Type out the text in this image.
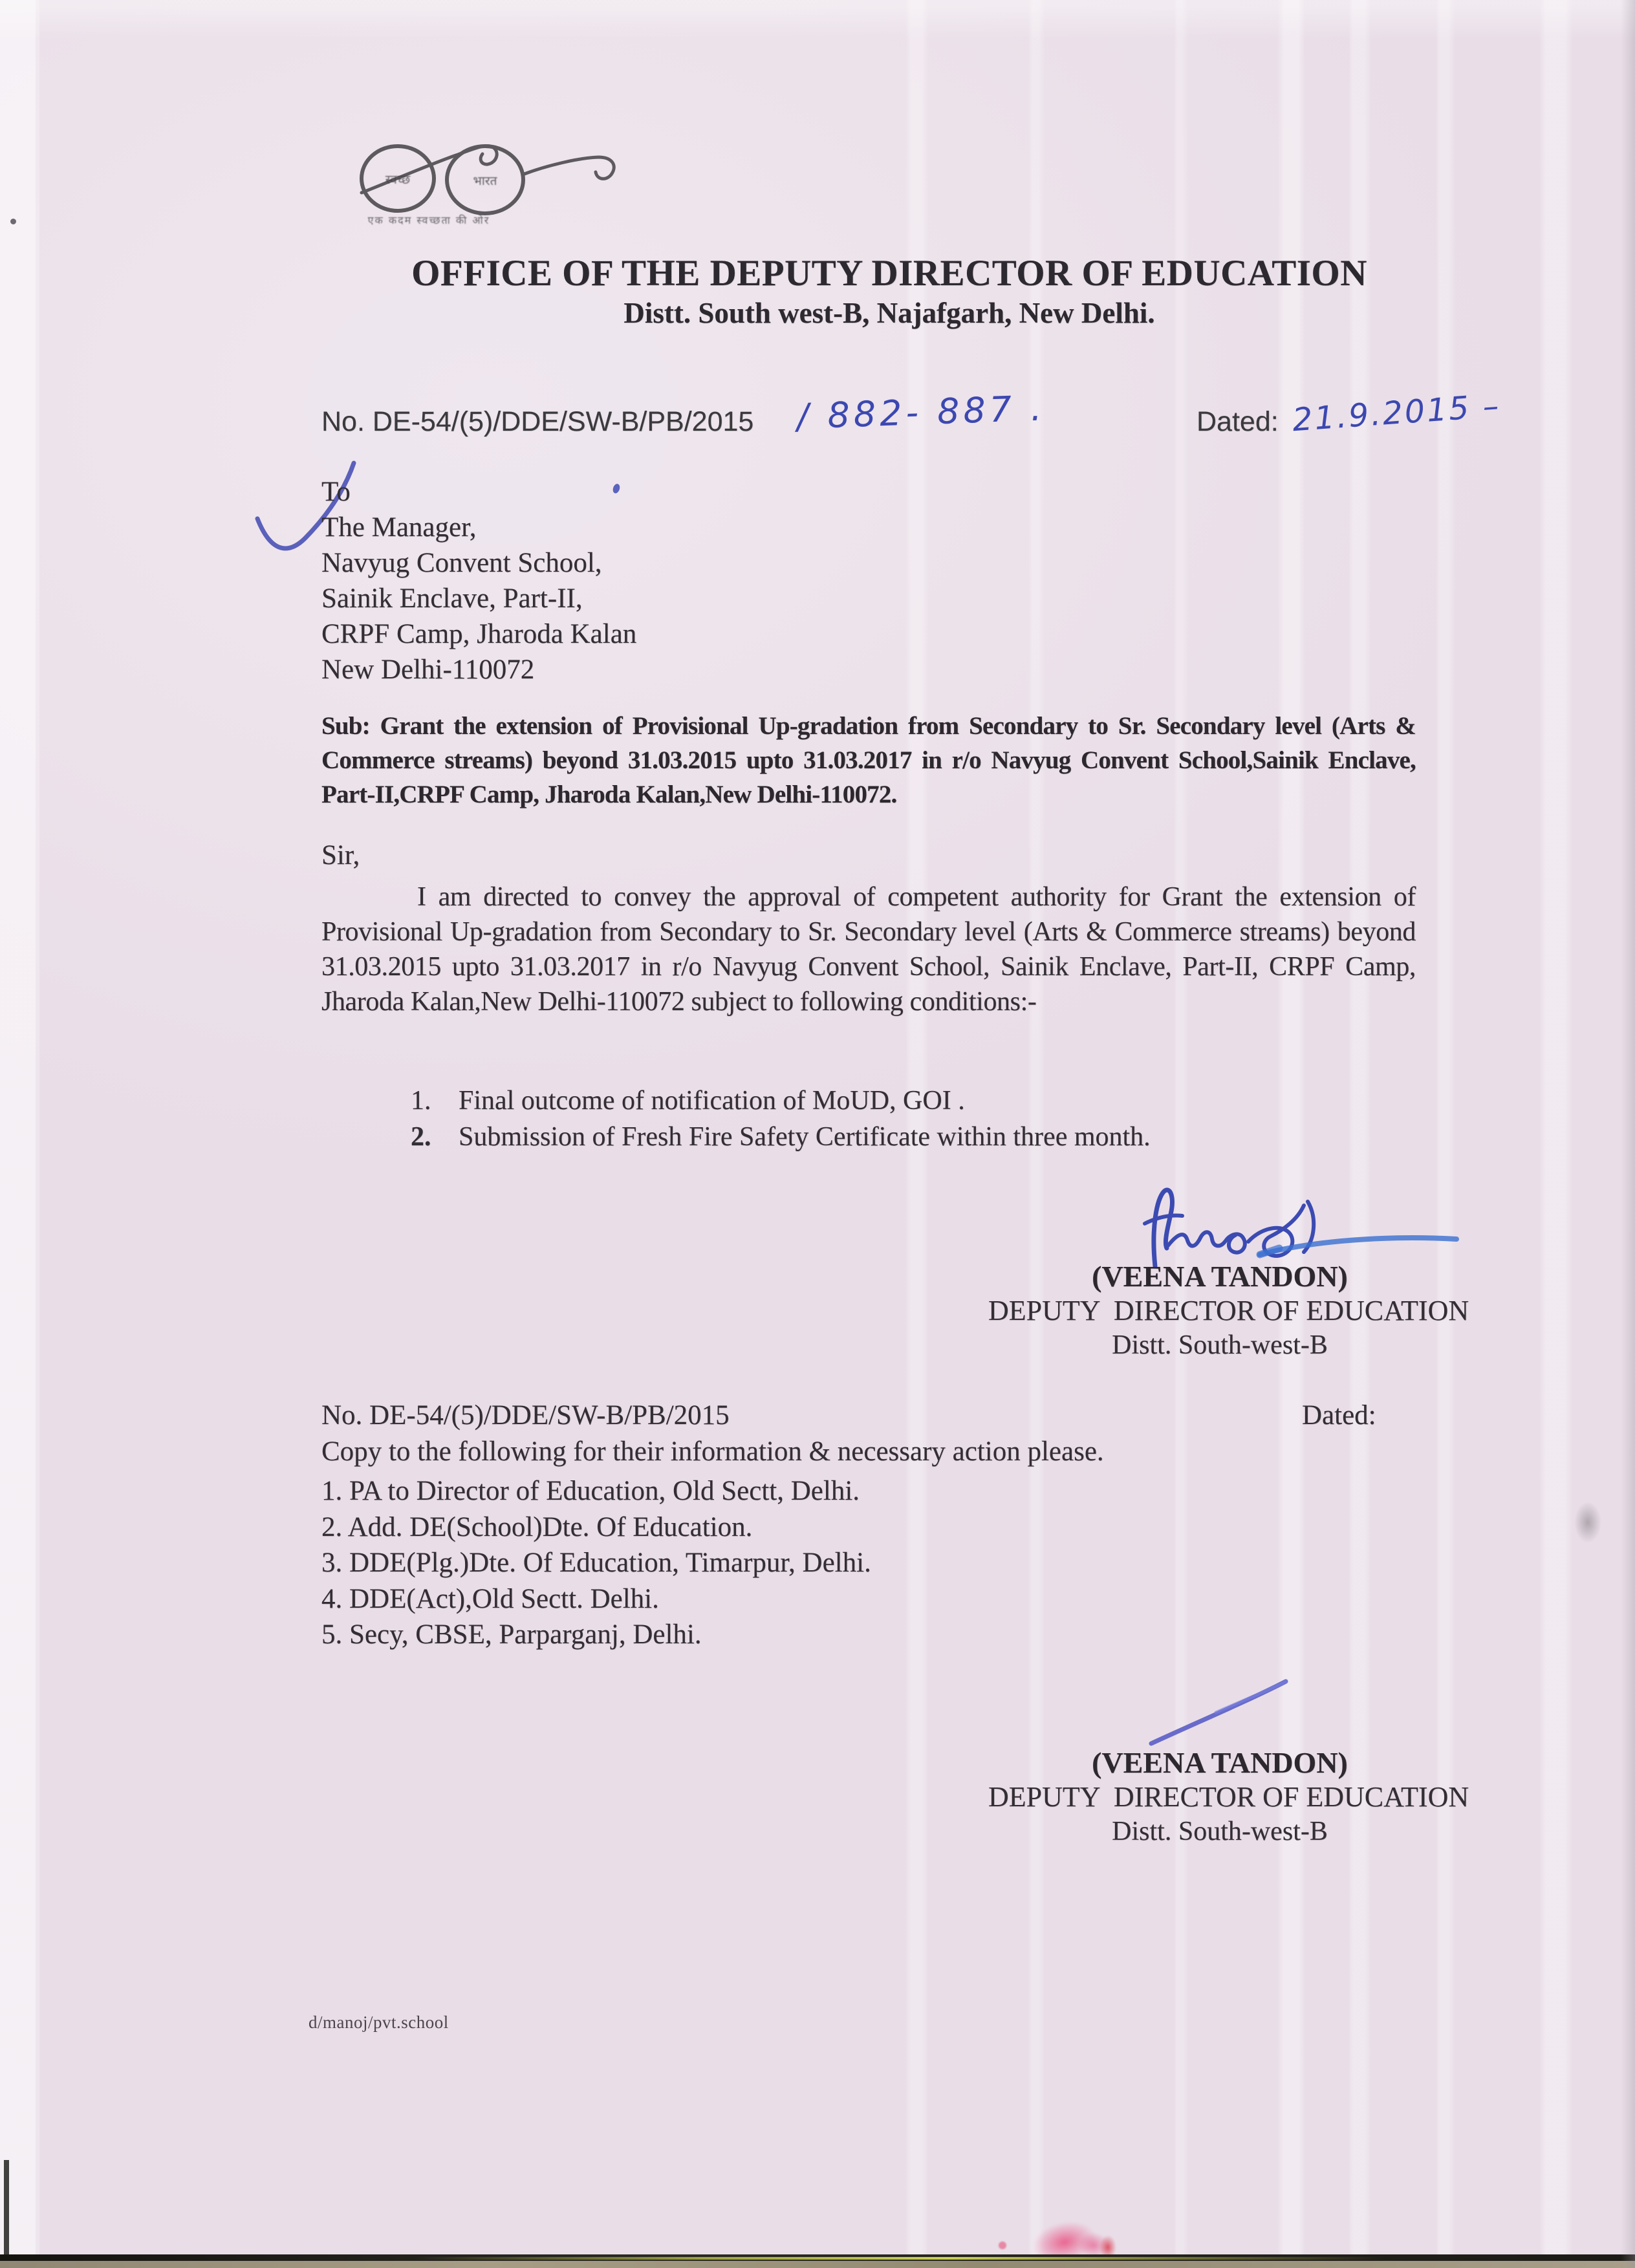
स्वच्छ	भारत
एक कदम स्वच्छता की ओर
OFFICE OF THE DEPUTY DIRECTOR OF EDUCATION
Distt. South west-B, Najafgarh, New Delhi.
No. DE-54/(5)/DDE/SW-B/PB/2015 / 882- 887 .	Dated: 21.9.2015 –
To
The Manager,
Navyug Convent School,
Sainik Enclave, Part-II,
CRPF Camp, Jharoda Kalan
New Delhi-110072
Sub: Grant the extension of Provisional Up-gradation from Secondary to Sr. Secondary level (Arts & Commerce streams) beyond 31.03.2015 upto 31.03.2017 in r/o Navyug Convent School,Sainik Enclave, Part-II,CRPF Camp, Jharoda Kalan,New Delhi-110072.
Sir,
I am directed to convey the approval of competent authority for Grant the extension of Provisional Up-gradation from Secondary to Sr. Secondary level (Arts & Commerce streams) beyond 31.03.2015 upto 31.03.2017 in r/o Navyug Convent School, Sainik Enclave, Part-II, CRPF Camp, Jharoda Kalan,New Delhi-110072 subject to following conditions:-
1.	Final outcome of notification of MoUD, GOI .
2.	Submission of Fresh Fire Safety Certificate within three month.
(VEENA TANDON)
DEPUTY  DIRECTOR OF EDUCATION
Distt. South-west-B
No. DE-54/(5)/DDE/SW-B/PB/2015	Dated:
Copy to the following for their information & necessary action please.
1. PA to Director of Education, Old Sectt, Delhi.
2. Add. DE(School)Dte. Of Education.
3. DDE(Plg.)Dte. Of Education, Timarpur, Delhi.
4. DDE(Act),Old Sectt. Delhi.
5. Secy, CBSE, Parparganj, Delhi.
(VEENA TANDON)
DEPUTY  DIRECTOR OF EDUCATION
Distt. South-west-B
d/manoj/pvt.school
